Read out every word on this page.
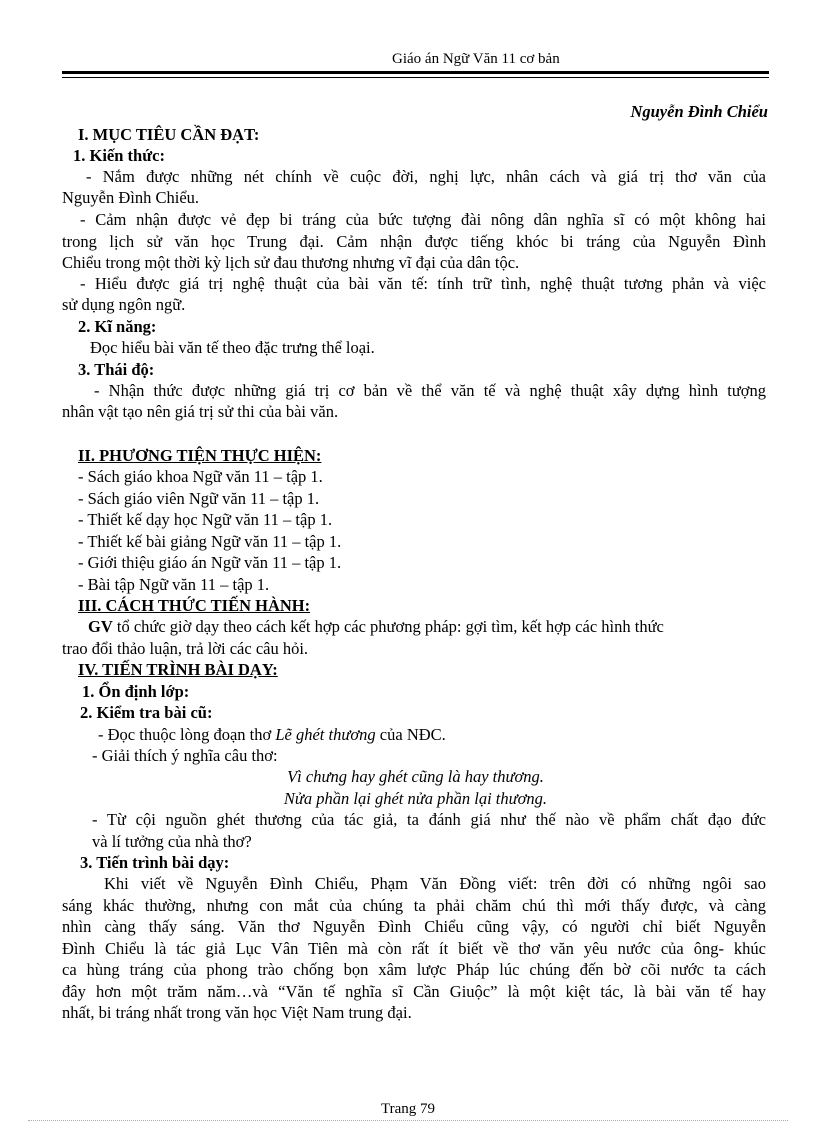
Giáo án Ngữ Văn 11 cơ bản
Nguyễn Đình Chiểu
I. MỤC TIÊU CẦN ĐẠT:
1. Kiến thức:
- Nắm được những nét chính về cuộc đời, nghị lực, nhân cách và giá trị thơ văn của
Nguyễn Đình Chiểu.
- Cảm nhận được vẻ đẹp bi tráng của bức tượng đài nông dân nghĩa sĩ có một không hai
trong lịch sử văn học Trung đại. Cảm nhận được tiếng khóc bi tráng của Nguyễn Đình
Chiểu trong một thời kỳ lịch sử đau thương nhưng vĩ đại của dân tộc.
- Hiểu được giá trị nghệ thuật của bài văn tế: tính trữ tình, nghệ thuật tương phản và việc
sử dụng ngôn ngữ.
2. Kĩ năng:
Đọc hiểu bài văn tế theo đặc trưng thể loại.
3. Thái độ:
- Nhận thức được những giá trị cơ bản về thể văn tế và nghệ thuật xây dựng hình tượng
nhân vật tạo nên giá trị sử thi của bài văn.
II. PHƯƠNG TIỆN THỰC HIỆN:
- Sách giáo khoa Ngữ văn 11 – tập 1.
- Sách giáo viên Ngữ văn 11 – tập 1.
- Thiết kế dạy học Ngữ văn 11 – tập 1.
- Thiết kế bài giảng Ngữ văn 11 – tập 1.
- Giới thiệu giáo án Ngữ văn 11 – tập 1.
- Bài tập Ngữ văn 11 – tập 1.
III. CÁCH THỨC TIẾN HÀNH:
GV tổ chức giờ dạy theo cách kết hợp các phương pháp: gợi tìm, kết hợp các hình thức
trao đổi thảo luận, trả lời các câu hỏi.
IV. TIẾN TRÌNH BÀI DẠY:
1. Ổn định lớp:
2. Kiểm tra bài cũ:
- Đọc thuộc lòng đoạn thơ Lẽ ghét thương của NĐC.
- Giải thích ý nghĩa câu thơ:
Vì chưng hay ghét cũng là hay thương.
Nửa phần lại ghét nửa phần lại thương.
- Từ cội nguồn ghét thương của tác giả, ta đánh giá như thế nào về phẩm chất đạo đức
và lí tưởng của nhà thơ?
3. Tiến trình bài dạy:
Khi viết về Nguyễn Đình Chiểu, Phạm Văn Đồng viết: trên đời có những ngôi sao
sáng khác thường, nhưng con mắt của chúng ta phải chăm chú thì mới thấy được, và càng
nhìn càng thấy sáng. Văn thơ Nguyễn Đình Chiểu cũng vậy, có người chỉ biết Nguyễn
Đình Chiểu là tác giả Lục Vân Tiên mà còn rất ít biết về thơ văn yêu nước của ông- khúc
ca hùng tráng của phong trào chống bọn xâm lược Pháp lúc chúng đến bờ cõi nước ta cách
đây hơn một trăm năm…và “Văn tế nghĩa sĩ Cần Giuộc” là một kiệt tác, là bài văn tế hay
nhất, bi tráng nhất trong văn học Việt Nam trung đại.
Trang 79
